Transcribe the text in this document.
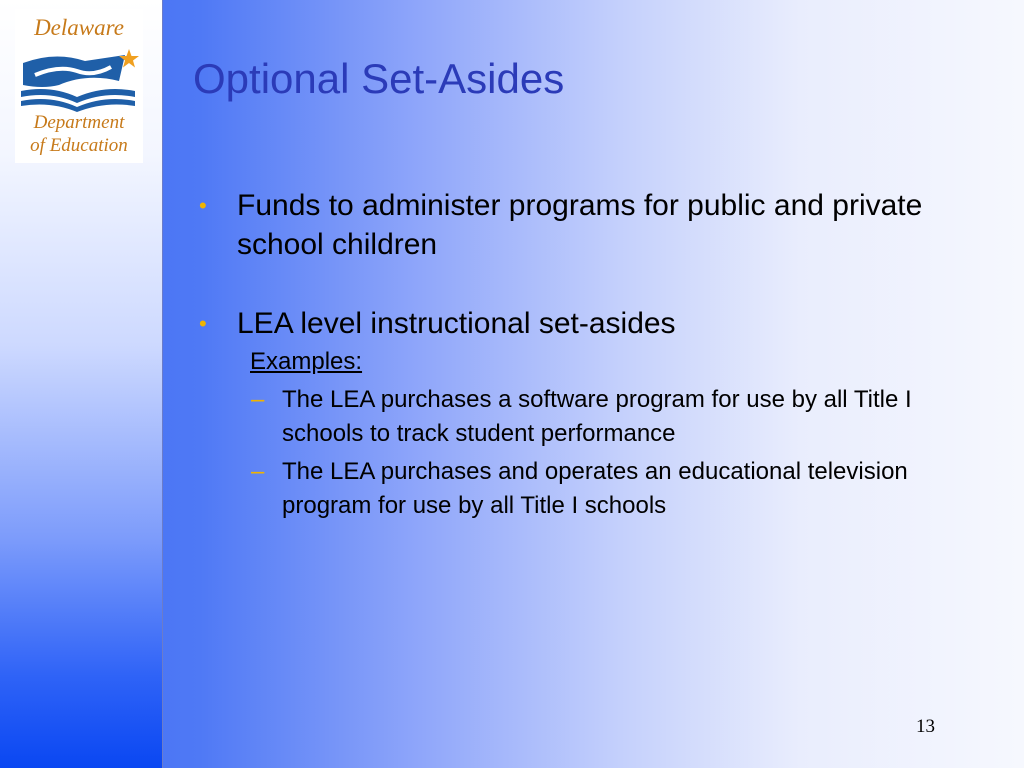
Delaware
Department
of Education
Optional Set-Asides
• Funds to administer programs for public and private school children
• LEA level instructional set-asides
Examples:
– The LEA purchases a software program for use by all Title I schools to track student performance
– The LEA purchases and operates an educational television program for use by all Title I schools
13
